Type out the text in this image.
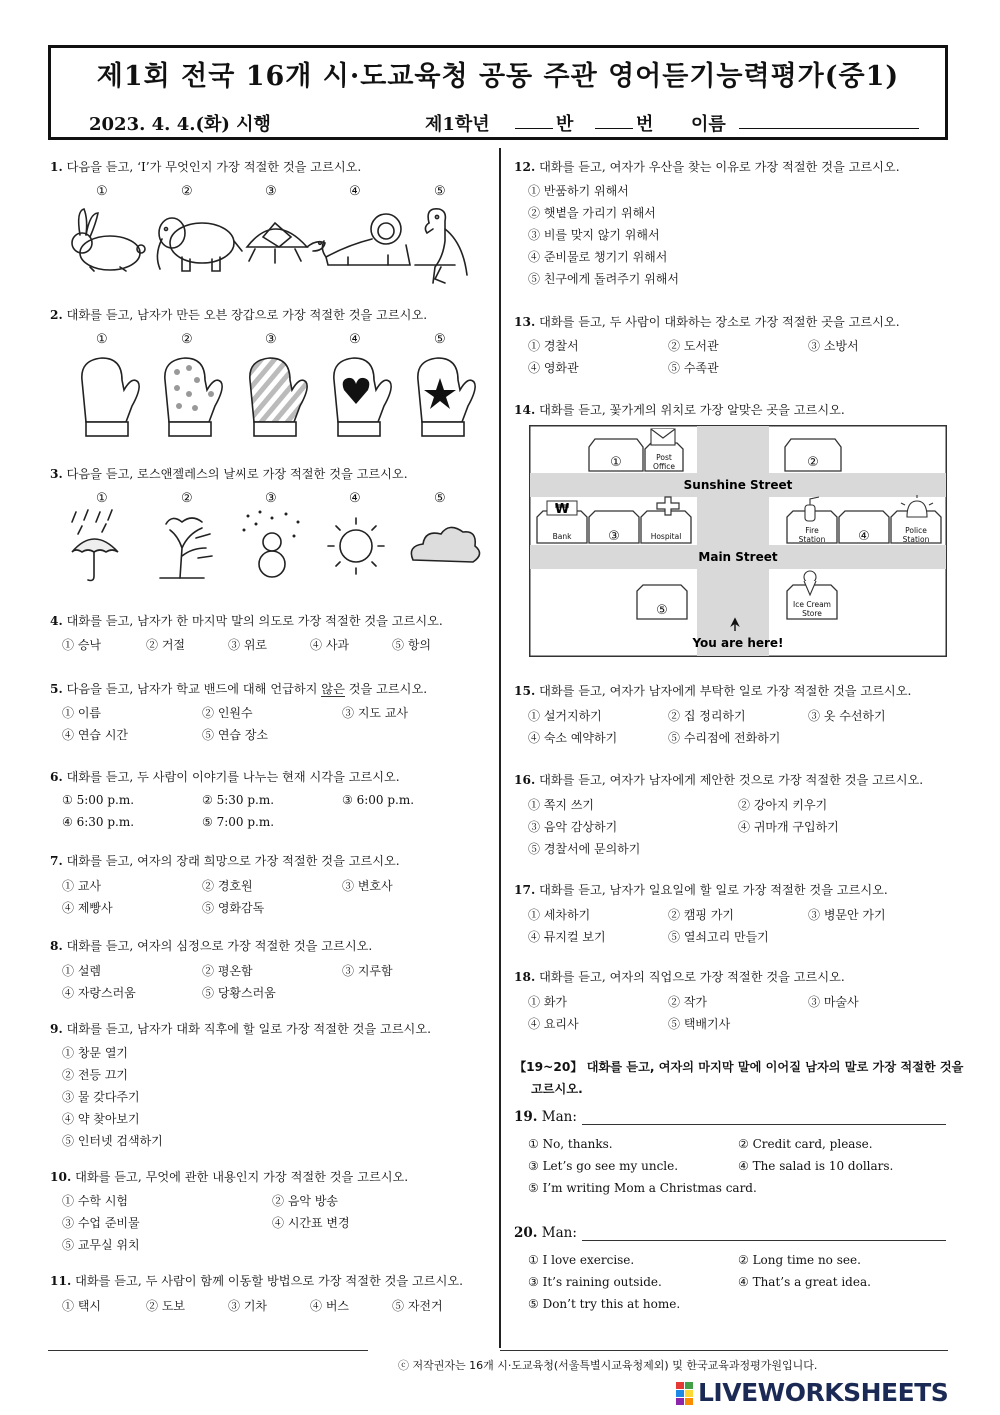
제1회 전국 16개 시·도교육청 공동 주관 영어듣기능력평가(중1)
2023. 4. 4.(화) 시행	제1학년	반	번 이름
1. 다음을 듣고, ‘I’가 무엇인지 가장 적절한 것을 고르시오.
①	②	③	④	⑤
2. 대화를 듣고, 남자가 만든 오븐 장갑으로 가장 적절한 것을 고르시오.
①	②	③	④	⑤
3. 다음을 듣고, 로스앤젤레스의 날씨로 가장 적절한 것을 고르시오.
①	②	③	④	⑤
4. 대화를 듣고, 남자가 한 마지막 말의 의도로 가장 적절한 것을 고르시오.
① 승낙	② 거절	③ 위로	④ 사과	⑤ 항의
5. 다음을 듣고, 남자가 학교 밴드에 대해 언급하지 않은 것을 고르시오.
① 이름	② 인원수	③ 지도 교사
④ 연습 시간	⑤ 연습 장소
6. 대화를 듣고, 두 사람이 이야기를 나누는 현재 시각을 고르시오.
① 5:00 p.m.	② 5:30 p.m.	③ 6:00 p.m.
④ 6:30 p.m.	⑤ 7:00 p.m.
7. 대화를 듣고, 여자의 장래 희망으로 가장 적절한 것을 고르시오.
① 교사	② 경호원	③ 변호사
④ 제빵사	⑤ 영화감독
8. 대화를 듣고, 여자의 심정으로 가장 적절한 것을 고르시오.
① 설렘	② 평온함	③ 지루함
④ 자랑스러움	⑤ 당황스러움
9. 대화를 듣고, 남자가 대화 직후에 할 일로 가장 적절한 것을 고르시오.
① 창문 열기
② 전등 끄기
③ 물 갖다주기
④ 약 찾아보기
⑤ 인터넷 검색하기
10. 대화를 듣고, 무엇에 관한 내용인지 가장 적절한 것을 고르시오.
① 수학 시험	② 음악 방송
③ 수업 준비물	④ 시간표 변경
⑤ 교무실 위치
11. 대화를 듣고, 두 사람이 함께 이동할 방법으로 가장 적절한 것을 고르시오.
① 택시	② 도보	③ 기차	④ 버스	⑤ 자전거
12. 대화를 듣고, 여자가 우산을 찾는 이유로 가장 적절한 것을 고르시오.
① 반품하기 위해서
② 햇볕을 가리기 위해서
③ 비를 맞지 않기 위해서
④ 준비물로 챙기기 위해서
⑤ 친구에게 돌려주기 위해서
13. 대화를 듣고, 두 사람이 대화하는 장소로 가장 적절한 곳을 고르시오.
① 경찰서	② 도서관	③ 소방서
④ 영화관	⑤ 수족관
14. 대화를 듣고, 꽃가게의 위치로 가장 알맞은 곳을 고르시오.
₩
①	②
③	④
⑤
Post
Office
Bank	Hospital
Fire
Station
Police
Station
Ice Cream
Store
Sunshine Street
Main Street
You are here!
15. 대화를 듣고, 여자가 남자에게 부탁한 일로 가장 적절한 것을 고르시오.
① 설거지하기	② 집 정리하기	③ 옷 수선하기
④ 숙소 예약하기	⑤ 수리점에 전화하기
16. 대화를 듣고, 여자가 남자에게 제안한 것으로 가장 적절한 것을 고르시오.
① 쪽지 쓰기	② 강아지 키우기
③ 음악 감상하기	④ 귀마개 구입하기
⑤ 경찰서에 문의하기
17. 대화를 듣고, 남자가 일요일에 할 일로 가장 적절한 것을 고르시오.
① 세차하기	② 캠핑 가기	③ 병문안 가기
④ 뮤지컬 보기	⑤ 열쇠고리 만들기
18. 대화를 듣고, 여자의 직업으로 가장 적절한 것을 고르시오.
① 화가	② 작가	③ 마술사
④ 요리사	⑤ 택배기사
【19~20】 대화를 듣고, 여자의 마지막 말에 이어질 남자의 말로 가장 적절한 것을
고르시오.
19. Man:
① No, thanks.	② Credit card, please.
③ Let’s go see my uncle.	④ The salad is 10 dollars.
⑤ I’m writing Mom a Christmas card.
20. Man:
① I love exercise.	② Long time no see.
③ It’s raining outside.	④ That’s a great idea.
⑤ Don’t try this at home.
ⓒ 저작권자는 16개 시·도교육청(서울특별시교육청제외) 및 한국교육과정평가원입니다.
LIVEWORKSHEETS
